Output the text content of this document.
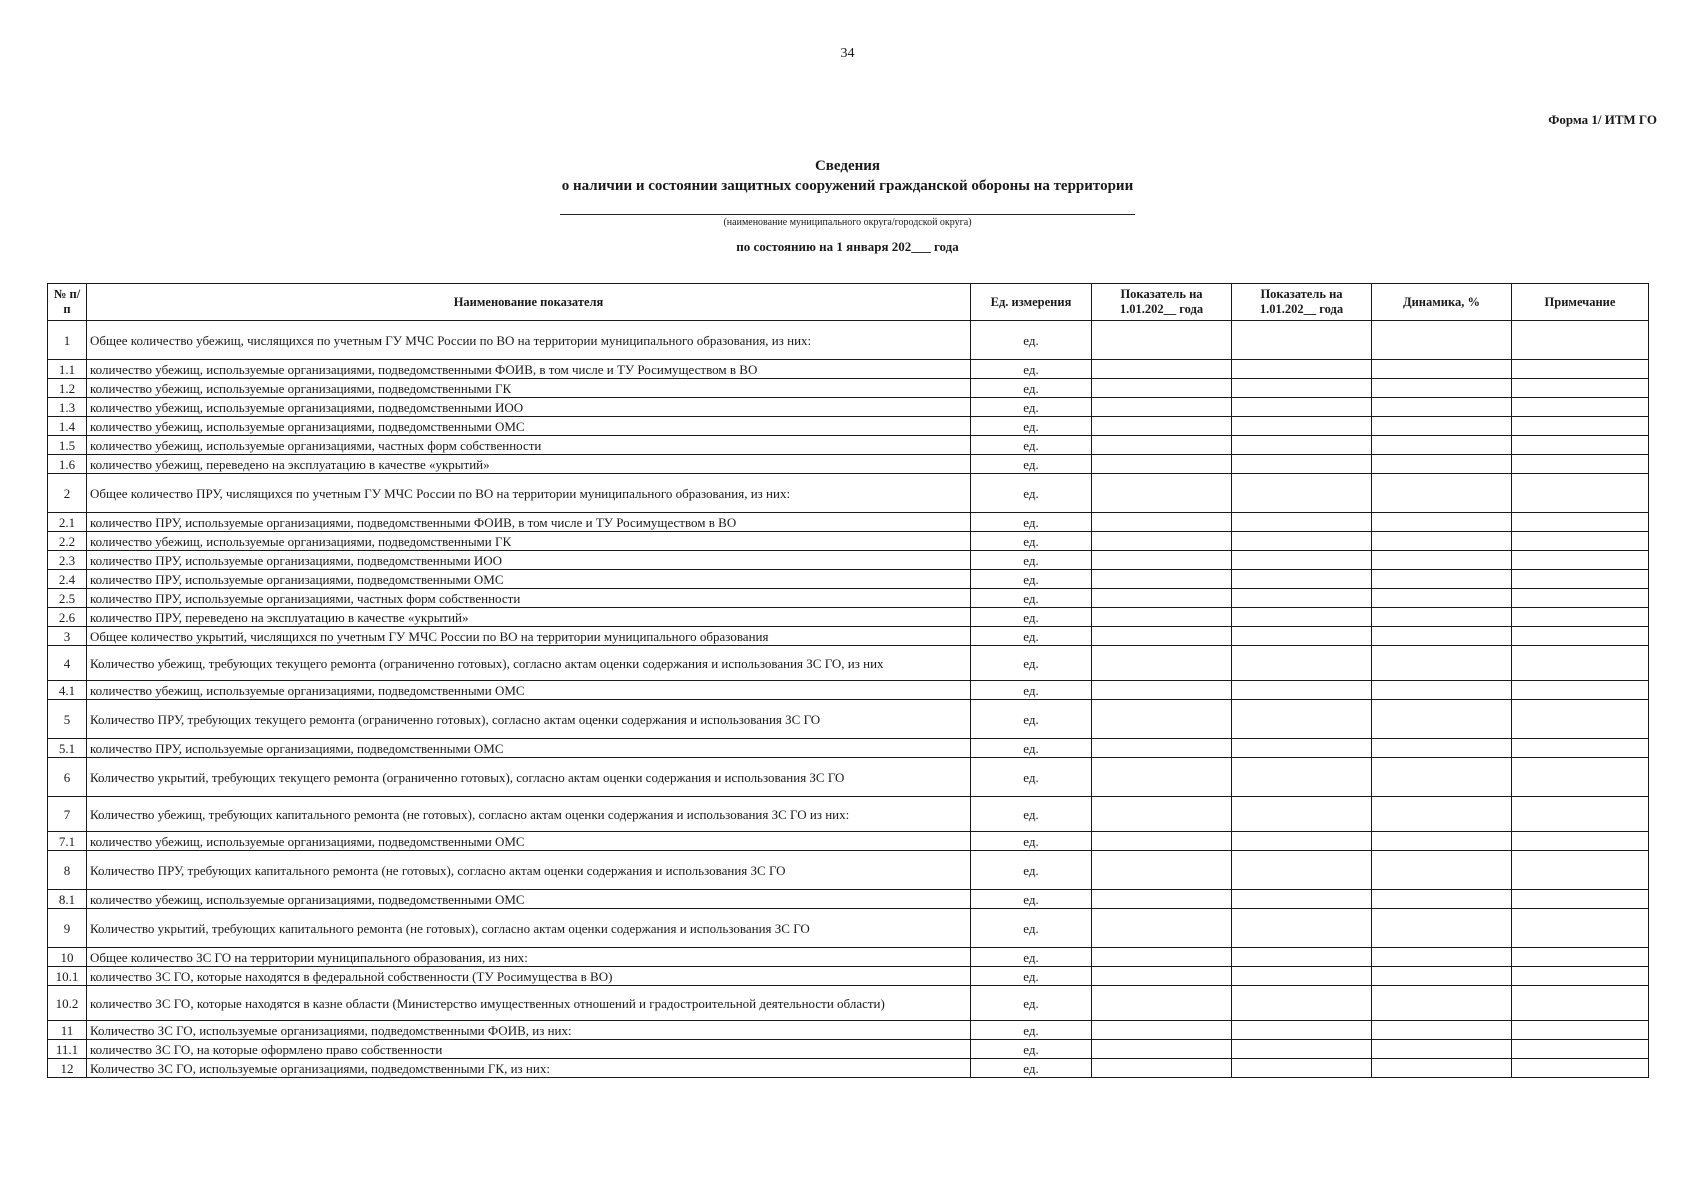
34
Форма 1/ ИТМ ГО
Сведения
о наличии и состоянии защитных сооружений гражданской обороны на территории
(наименование муниципального округа/городской округа)
по состоянию на 1 января 202___ года
№ п/п	Наименование показателя	Ед. измерения	Показатель на 1.01.202__ года	Показатель на 1.01.202__ года	Динамика, %	Примечание
1	Общее количество убежищ, числящихся по учетным ГУ МЧС России по ВО на территории муниципального образования, из них:	ед.				
1.1	количество убежищ, используемые организациями, подведомственными ФОИВ, в том числе и ТУ Росимуществом в ВО	ед.				
1.2	количество убежищ, используемые организациями, подведомственными ГК	ед.				
1.3	количество убежищ, используемые организациями, подведомственными ИОО	ед.				
1.4	количество убежищ, используемые организациями, подведомственными ОМС	ед.				
1.5	количество убежищ, используемые организациями, частных форм собственности	ед.				
1.6	количество убежищ, переведено на эксплуатацию в качестве «укрытий»	ед.				
2	Общее количество ПРУ, числящихся по учетным ГУ МЧС России по ВО на территории муниципального образования, из них:	ед.				
2.1	количество ПРУ, используемые организациями, подведомственными ФОИВ, в том числе и ТУ Росимуществом в ВО	ед.				
2.2	количество убежищ, используемые организациями, подведомственными ГК	ед.				
2.3	количество ПРУ, используемые организациями, подведомственными ИОО	ед.				
2.4	количество ПРУ, используемые организациями, подведомственными ОМС	ед.				
2.5	количество ПРУ, используемые организациями, частных форм собственности	ед.				
2.6	количество ПРУ, переведено на эксплуатацию в качестве «укрытий»	ед.				
3	Общее количество укрытий, числящихся по учетным ГУ МЧС России по ВО на территории муниципального образования	ед.				
4	Количество убежищ, требующих текущего ремонта (ограниченно готовых), согласно актам оценки содержания и использования ЗС ГО, из них	ед.				
4.1	количество убежищ, используемые организациями, подведомственными ОМС	ед.				
5	Количество ПРУ, требующих текущего ремонта (ограниченно готовых), согласно актам оценки содержания и использования ЗС ГО	ед.				
5.1	количество ПРУ, используемые организациями, подведомственными ОМС	ед.				
6	Количество укрытий, требующих текущего ремонта (ограниченно готовых), согласно актам оценки содержания и использования ЗС ГО	ед.				
7	Количество убежищ, требующих капитального ремонта (не готовых), согласно актам оценки содержания и использования ЗС ГО из них:	ед.				
7.1	количество убежищ, используемые организациями, подведомственными ОМС	ед.				
8	Количество ПРУ, требующих капитального ремонта (не готовых), согласно актам оценки содержания и использования ЗС ГО	ед.				
8.1	количество убежищ, используемые организациями, подведомственными ОМС	ед.				
9	Количество укрытий, требующих капитального ремонта (не готовых), согласно актам оценки содержания и использования ЗС ГО	ед.				
10	Общее количество ЗС ГО на территории муниципального образования, из них:	ед.				
10.1	количество ЗС ГО, которые находятся в федеральной собственности (ТУ Росимущества в ВО)	ед.				
10.2	количество ЗС ГО, которые находятся в казне области (Министерство имущественных отношений и градостроительной деятельности области)	ед.				
11	Количество ЗС ГО, используемые организациями, подведомственными ФОИВ, из них:	ед.				
11.1	количество ЗС ГО, на которые оформлено право собственности	ед.				
12	Количество ЗС ГО, используемые организациями, подведомственными ГК, из них:	ед.				
